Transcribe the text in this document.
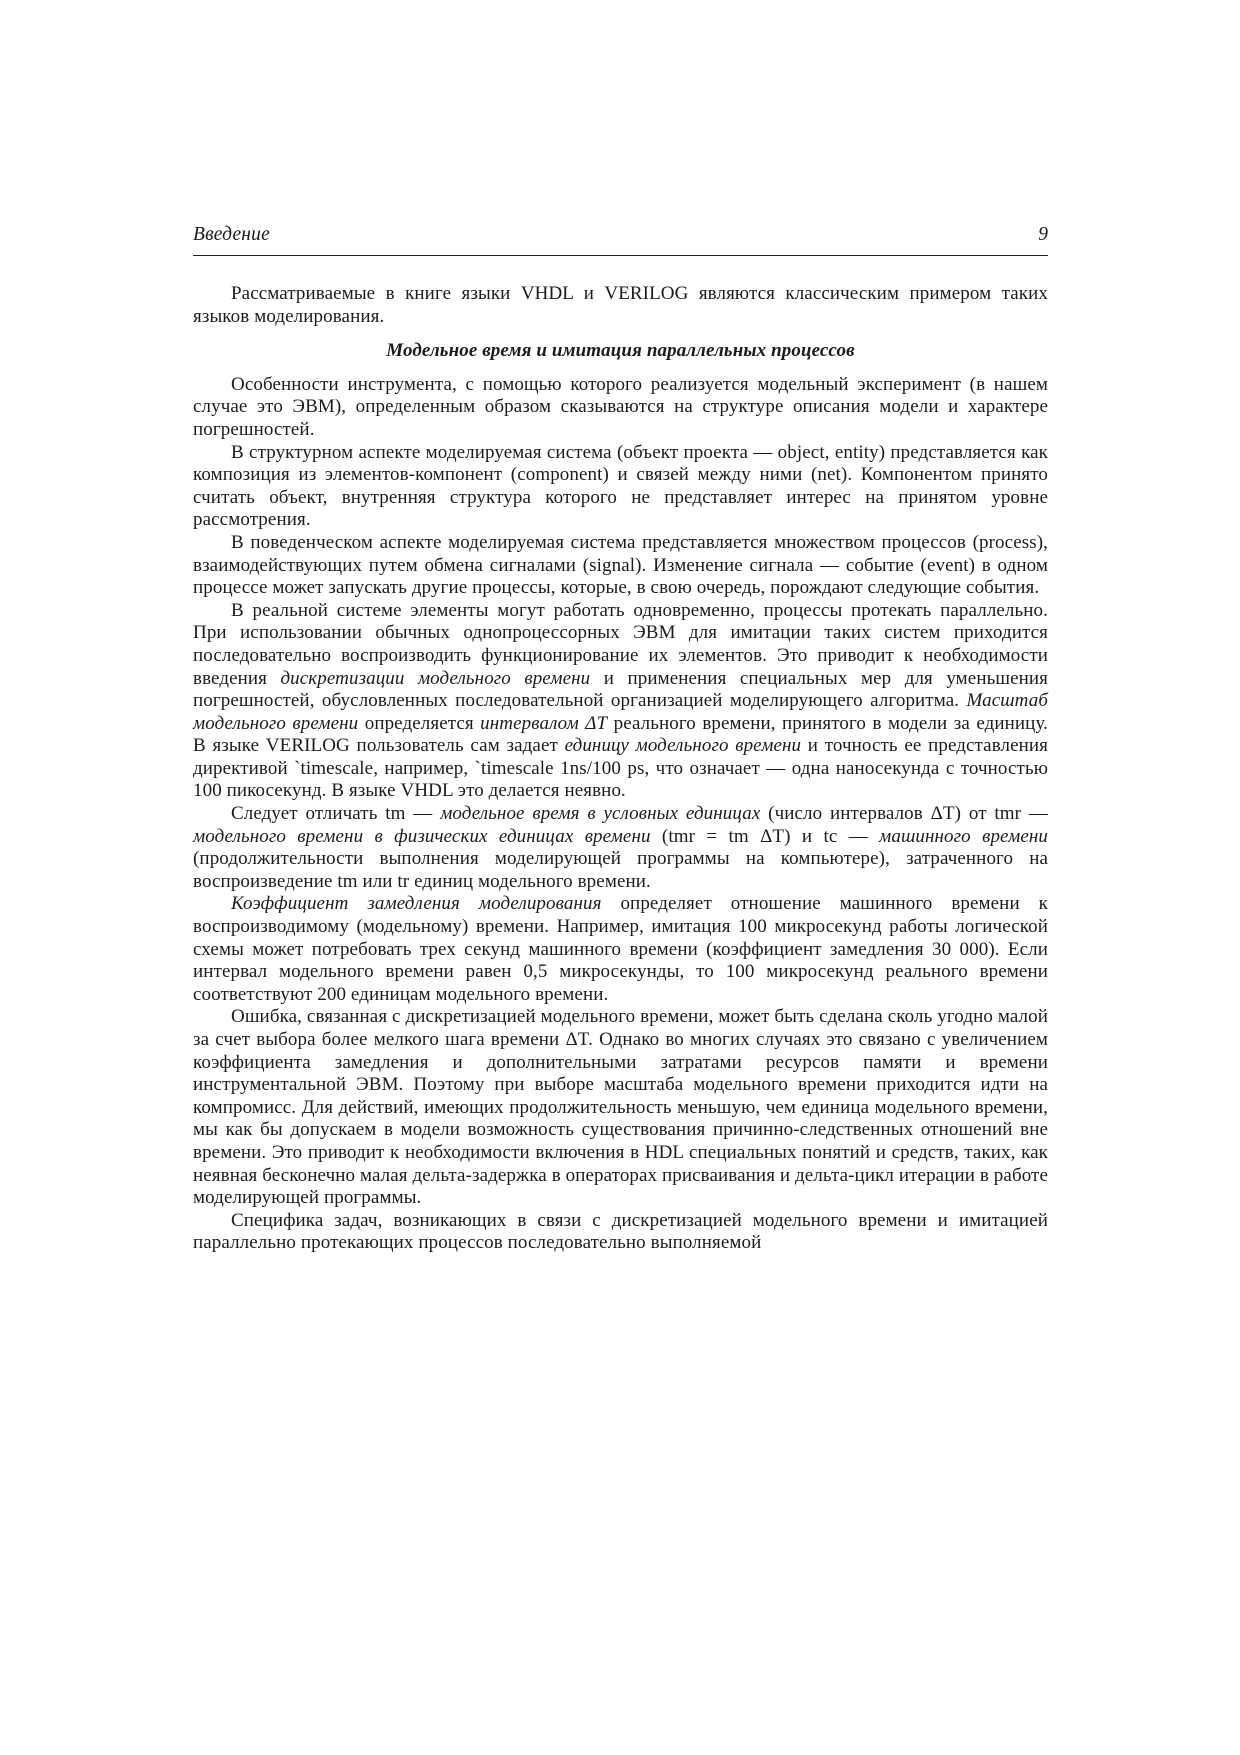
Введение	9

Рассматриваемые в книге языки VHDL и VERILOG являются классическим примером таких языков моделирования.

Модельное время и имитация параллельных процессов

Особенности инструмента, с помощью которого реализуется модельный эксперимент (в нашем случае это ЭВМ), определенным образом сказываются на структуре описания модели и характере погрешностей.

В структурном аспекте моделируемая система (объект проекта — object, entity) представляется как композиция из элементов-компонент (component) и связей между ними (net). Компонентом принято считать объект, внутренняя структура которого не представляет интерес на принятом уровне рассмотрения.

В поведенческом аспекте моделируемая система представляется множеством процессов (process), взаимодействующих путем обмена сигналами (signal). Изменение сигнала — событие (event) в одном процессе может запускать другие процессы, которые, в свою очередь, порождают следующие события.

В реальной системе элементы могут работать одновременно, процессы протекать параллельно. При использовании обычных однопроцессорных ЭВМ для имитации таких систем приходится последовательно воспроизводить функционирование их элементов. Это приводит к необходимости введения дискретизации модельного времени и применения специальных мер для уменьшения погрешностей, обусловленных последовательной организацией моделирующего алгоритма. Масштаб модельного времени определяется интервалом ΔT реального времени, принятого в модели за единицу. В языке VERILOG пользователь сам задает единицу модельного времени и точность ее представления директивой `timescale, например, `timescale 1ns/100 ps, что означает — одна наносекунда с точностью 100 пикосекунд. В языке VHDL это делается неявно.

Следует отличать tm — модельное время в условных единицах (число интервалов ΔT) от tmr — модельного времени в физических единицах времени (tmr = tm ΔT) и tc — машинного времени (продолжительности выполнения моделирующей программы на компьютере), затраченного на воспроизведение tm или tr единиц модельного времени.

Коэффициент замедления моделирования определяет отношение машинного времени к воспроизводимому (модельному) времени. Например, имитация 100 микросекунд работы логической схемы может потребовать трех секунд машинного времени (коэффициент замедления 30 000). Если интервал модельного времени равен 0,5 микросекунды, то 100 микросекунд реального времени соответствуют 200 единицам модельного времени.

Ошибка, связанная с дискретизацией модельного времени, может быть сделана сколь угодно малой за счет выбора более мелкого шага времени ΔT. Однако во многих случаях это связано с увеличением коэффициента замедления и дополнительными затратами ресурсов памяти и времени инструментальной ЭВМ. Поэтому при выборе масштаба модельного времени приходится идти на компромисс. Для действий, имеющих продолжительность меньшую, чем единица модельного времени, мы как бы допускаем в модели возможность существования причинно-следственных отношений вне времени. Это приводит к необходимости включения в HDL специальных понятий и средств, таких, как неявная бесконечно малая дельта-задержка в операторах присваивания и дельта-цикл итерации в работе моделирующей программы.

Специфика задач, возникающих в связи с дискретизацией модельного времени и имитацией параллельно протекающих процессов последовательно выполняемой
